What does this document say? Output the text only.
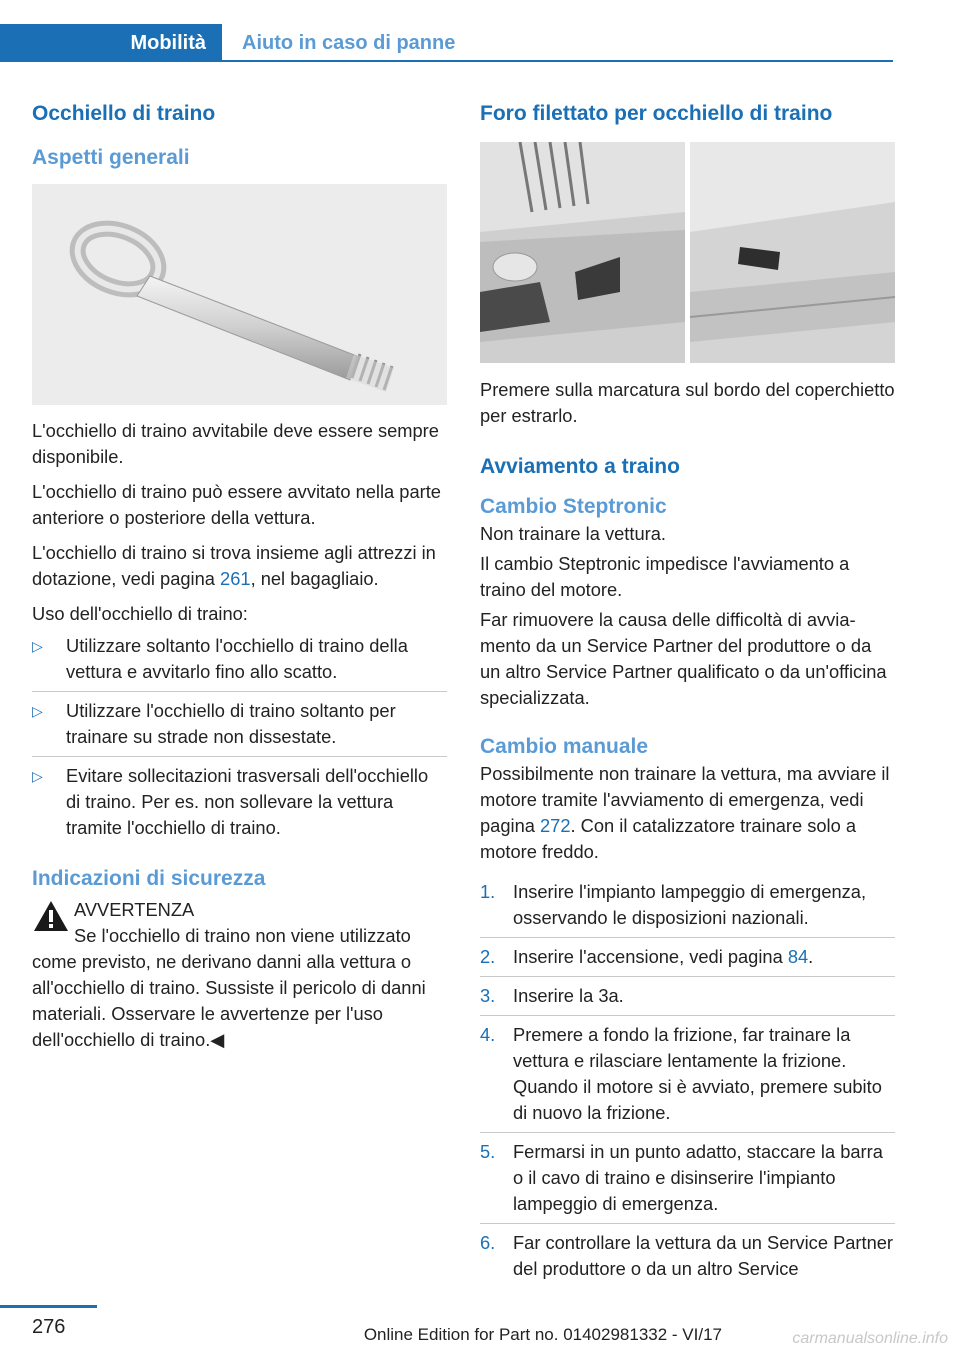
Mobilità	Aiuto in caso di panne
Occhiello di traino
Aspetti generali

L'occhiello di traino avvitabile deve essere sempre disponibile.

L'occhiello di traino può essere avvitato nella parte anteriore o posteriore della vettura.

L'occhiello di traino si trova insieme agli attrezzi in dotazione, vedi pagina 261, nel bagagliaio.

Uso dell'occhiello di traino:

▷ Utilizzare soltanto l'occhiello di traino della vettura e avvitarlo fino allo scatto.
▷ Utilizzare l'occhiello di traino soltanto per trainare su strade non dissestate.
▷ Evitare sollecitazioni trasversali dell'occhiello di traino. Per es. non sollevare la vettura tramite l'occhiello di traino.
Indicazioni di sicurezza
AVVERTENZA
Se l'occhiello di traino non viene utilizzato come previsto, ne derivano danni alla vettura o all'occhiello di traino. Sussiste il pericolo di danni materiali. Osservare le avvertenze per l'uso dell'occhiello di traino.◀
Foro filettato per occhiello di traino

Premere sulla marcatura sul bordo del coperchietto per estrarlo.

Avviamento a traino
Cambio Steptronic

Non trainare la vettura.

Il cambio Steptronic impedisce l'avviamento a traino del motore.

Far rimuovere la causa delle difficoltà di avviamento da un Service Partner del produttore o da un altro Service Partner qualificato o da un'officina specializzata.

Cambio manuale

Possibilmente non trainare la vettura, ma avviare il motore tramite l'avviamento di emergenza, vedi pagina 272. Con il catalizzatore trainare solo a motore freddo.

1. Inserire l'impianto lampeggio di emergenza, osservando le disposizioni nazionali.
2. Inserire l'accensione, vedi pagina 84.
3. Inserire la 3a.
4. Premere a fondo la frizione, far trainare la vettura e rilasciare lentamente la frizione. Quando il motore si è avviato, premere subito di nuovo la frizione.
5. Fermarsi in un punto adatto, staccare la barra o il cavo di traino e disinserire l'impianto lampeggio di emergenza.
6. Far controllare la vettura da un Service Partner del produttore o da un altro Service
276	Online Edition for Part no. 01402981332 - VI/17	carmanualsonline.info
